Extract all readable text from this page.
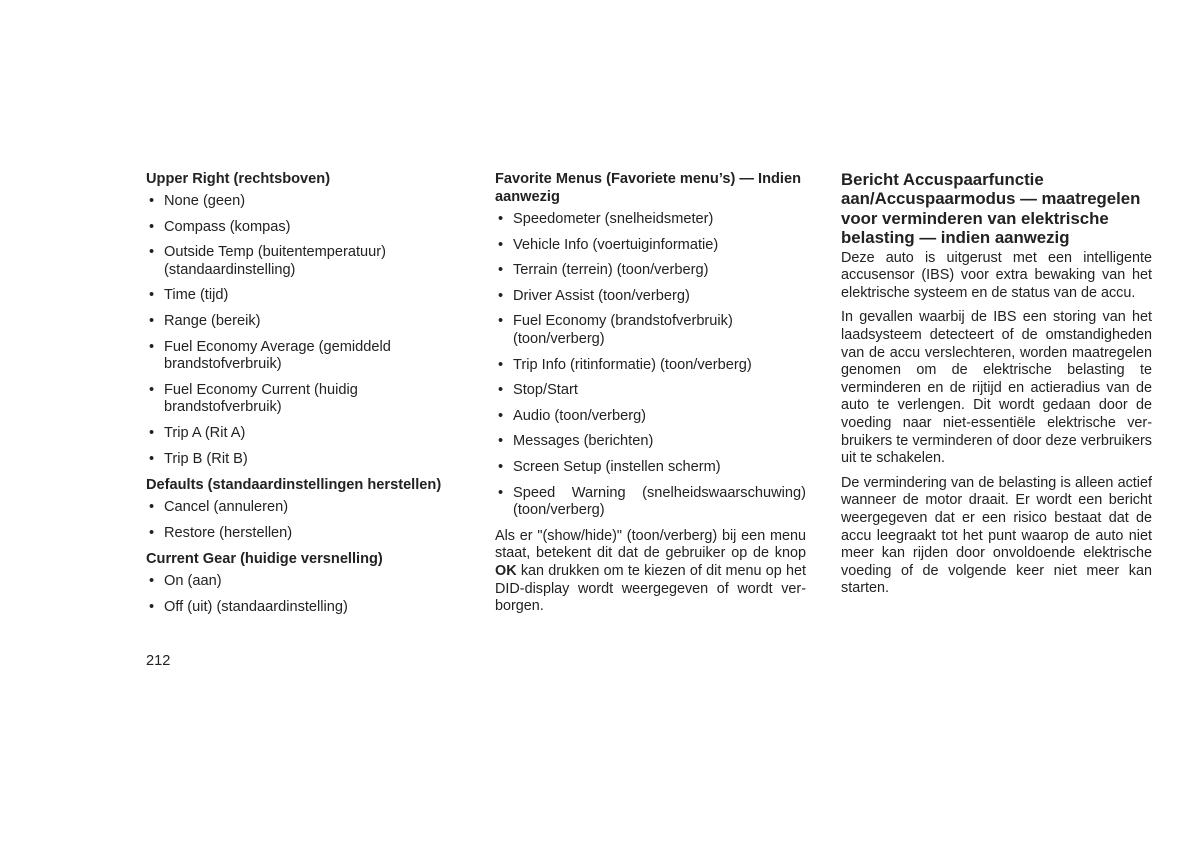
Upper Right (rechtsboven)
• None (geen)
• Compass (kompas)
• Outside Temp (buitentemperatuur) (standaardinstelling)
• Time (tijd)
• Range (bereik)
• Fuel Economy Average (gemiddeld brandstofverbruik)
• Fuel Economy Current (huidig brandstofverbruik)
• Trip A (Rit A)
• Trip B (Rit B)
Defaults (standaardinstellingen herstellen)
• Cancel (annuleren)
• Restore (herstellen)
Current Gear (huidige versnelling)
• On (aan)
• Off (uit) (standaardinstelling)
Favorite Menus (Favoriete menu’s) — Indien aanwezig
• Speedometer (snelheidsmeter)
• Vehicle Info (voertuiginformatie)
• Terrain (terrein) (toon/verberg)
• Driver Assist (toon/verberg)
• Fuel Economy (brandstofverbruik) (toon/verberg)
• Trip Info (ritinformatie) (toon/verberg)
• Stop/Start
• Audio (toon/verberg)
• Messages (berichten)
• Screen Setup (instellen scherm)
• Speed Warning (snelheidswaarschuwing) (toon/verberg)

Als er "(show/hide)" (toon/verberg) bij een menu staat, betekent dit dat de gebruiker op de knop OK kan drukken om te kiezen of dit menu op het DID-display wordt weergegeven of wordt verborgen.

Bericht Accuspaarfunctie aan/Accuspaarmodus — maatregelen voor verminderen van elektrische belasting — indien aanwezig

Deze auto is uitgerust met een intelligente accusensor (IBS) voor extra bewaking van het elektrische systeem en de status van de accu.

In gevallen waarbij de IBS een storing van het laadsysteem detecteert of de omstandigheden van de accu verslechteren, worden maatregelen genomen om de elektrische belasting te verminderen en de rijtijd en actieradius van de auto te verlengen. Dit wordt gedaan door de voeding naar niet-essentiële elektrische verbruikers te verminderen of door deze verbruikers uit te schakelen.

De vermindering van de belasting is alleen actief wanneer de motor draait. Er wordt een bericht weergegeven dat er een risico bestaat dat de accu leegraakt tot het punt waarop de auto niet meer kan rijden door onvoldoende elektrische voeding of de volgende keer niet meer kan starten.

212
